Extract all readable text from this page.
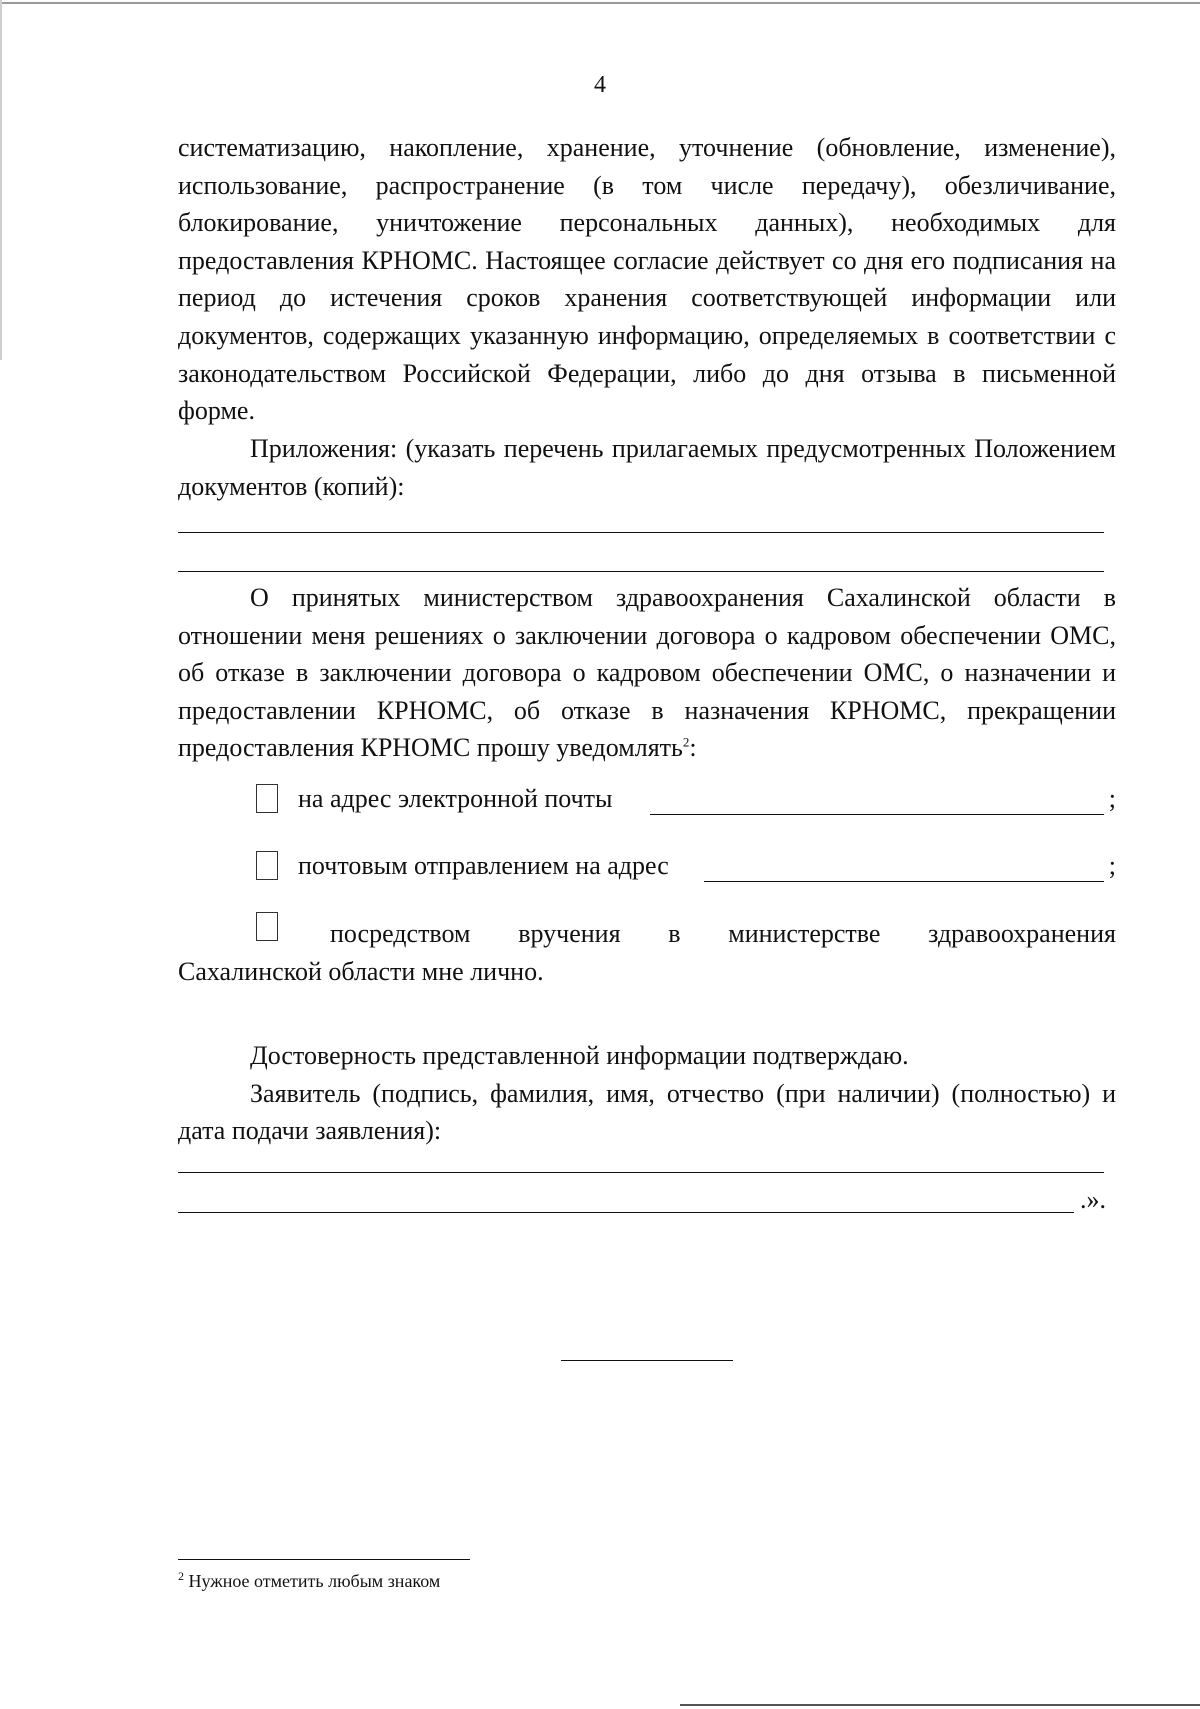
4

систематизацию, накопление, хранение, уточнение (обновление, изменение), использование, распространение (в том числе передачу), обезличивание, блокирование, уничтожение персональных данных), необходимых для предоставления КРНОМС. Настоящее согласие действует со дня его подписания на период до истечения сроков хранения соответствующей информации или документов, содержащих указанную информацию, определяемых в соответствии с законодательством Российской Федерации, либо до дня отзыва в письменной форме.

Приложения: (указать перечень прилагаемых предусмотренных Положением документов (копий):

О принятых министерством здравоохранения Сахалинской области в отношении меня решениях о заключении договора о кадровом обеспечении ОМС, об отказе в заключении договора о кадровом обеспечении ОМС, о назначении и предоставлении КРНОМС, об отказе в назначения КРНОМС, прекращении предоставления КРНОМС прошу уведомлять$^2$:

на адрес электронной почты	;
почтовым отправлением на адрес	;
посредством вручения в министерстве здравоохранения
Сахалинской области мне лично.

Достоверность представленной информации подтверждаю.

Заявитель (подпись, фамилия, имя, отчество (при наличии) (полностью) и дата подачи заявления):

.».
$^2$ Нужное отметить любым знаком
